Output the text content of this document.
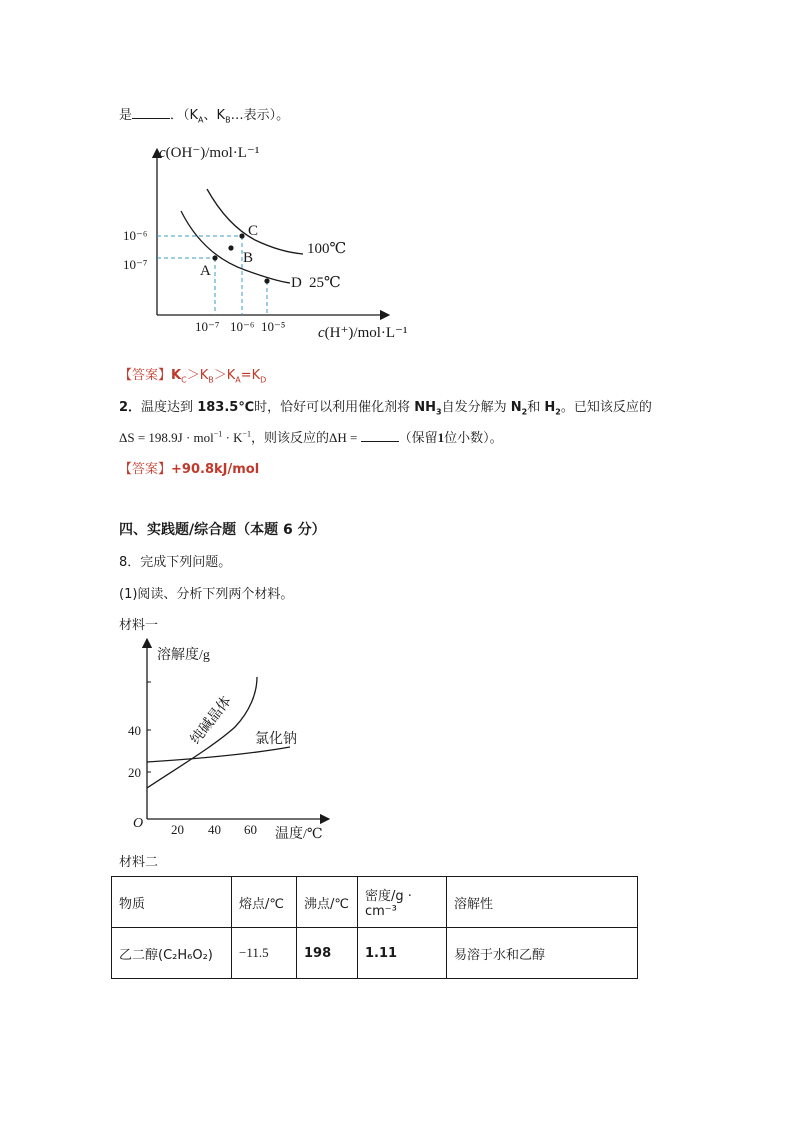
是	．（$K_A$、$K_B\dots$表示）。
c(OH⁻)/mol·L⁻¹
10⁻⁶
10⁻⁷	A
B
C
D
100℃
25℃
10⁻⁷ 10⁻⁶ 10⁻⁵ c(H⁺)/mol·L⁻¹
【答案】$K_C>K_B>K_A=K_D$
2．温度达到 183.5℃时，恰好可以利用催化剂将 $NH_3$自发分解为 $N_2$和 $H_2$。已知该反应的
$\Delta S = 198.9J \cdot mol^{-1} \cdot K^{-1}$，则该反应的ΔH =	（保留1位小数）。
【答案】+90.8kJ/mol
四、实践题/综合题（本题 6 分）
8．完成下列问题。
(1)阅读、分析下列两个材料。
材料一
溶解度/g
40
20
O 20 40 60 温度/℃
纯碱晶体 氯化钠
材料二
物质	熔点/℃	沸点/℃	密度/g · cm⁻³	溶解性
乙二醇(C₂H₆O₂)	−11.5	198	1.11	易溶于水和乙醇
